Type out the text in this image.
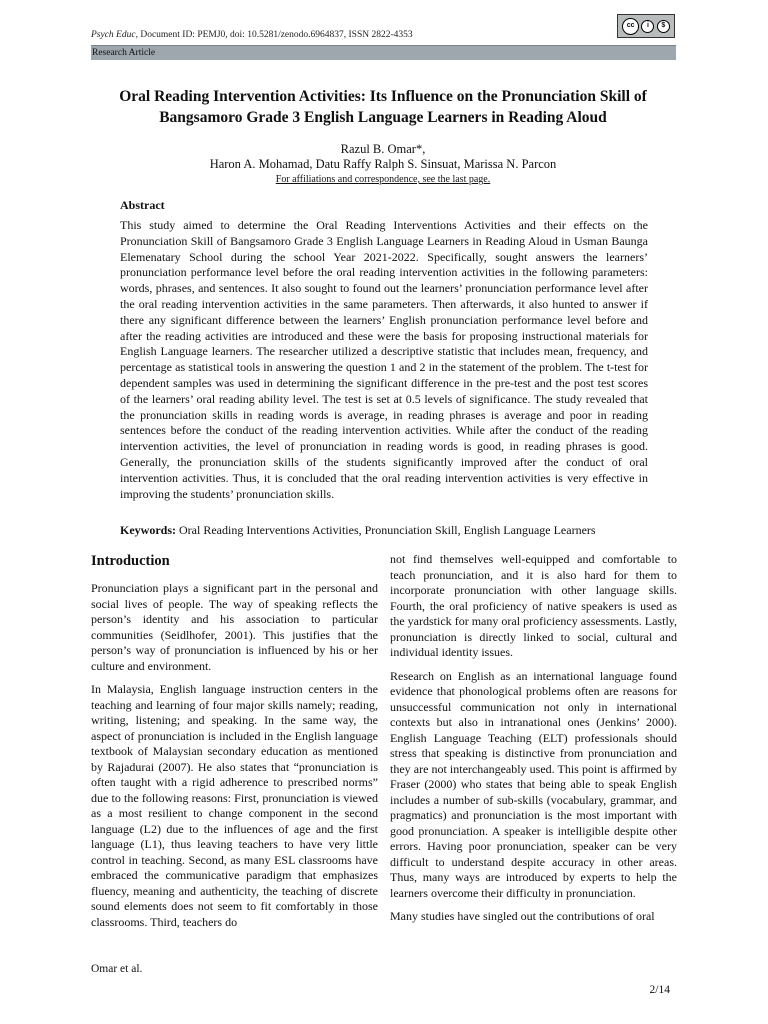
Psych Educ, Document ID: PEMJ0, doi: 10.5281/zenodo.6964837, ISSN 2822-4353
cc	i	$
Research Article
Oral Reading Intervention Activities: Its Influence on the Pronunciation Skill of Bangsamoro Grade 3 English Language Learners in Reading Aloud
Razul B. Omar*,
Haron A. Mohamad, Datu Raffy Ralph S. Sinsuat, Marissa N. Parcon
For affiliations and correspondence, see the last page.
Abstract

This study aimed to determine the Oral Reading Interventions Activities and their effects on the Pronunciation Skill of Bangsamoro Grade 3 English Language Learners in Reading Aloud in Usman Baunga Elemenatary School during the school Year 2021-2022. Specifically, sought answers the learners’ pronunciation performance level before the oral reading intervention activities in the following parameters: words, phrases, and sentences. It also sought to found out the learners’ pronunciation performance level after the oral reading intervention activities in the same parameters. Then afterwards, it also hunted to answer if there any significant difference between the learners’ English pronunciation performance level before and after the reading activities are introduced and these were the basis for proposing instructional materials for English Language learners. The researcher utilized a descriptive statistic that includes mean, frequency, and percentage as statistical tools in answering the question 1 and 2 in the statement of the problem. The t-test for dependent samples was used in determining the significant difference in the pre-test and the post test scores of the learners’ oral reading ability level. The test is set at 0.5 levels of significance. The study revealed that the pronunciation skills in reading words is average, in reading phrases is average and poor in reading sentences before the conduct of the reading intervention activities. While after the conduct of the reading intervention activities, the level of pronunciation in reading words is good, in reading phrases is good. Generally, the pronunciation skills of the students significantly improved after the conduct of oral intervention activities. Thus, it is concluded that the oral reading intervention activities is very effective in improving the students’ pronunciation skills.

Keywords: Oral Reading Interventions Activities, Pronunciation Skill, English Language Learners

Introduction

Pronunciation plays a significant part in the personal and social lives of people. The way of speaking reflects the person’s identity and his association to particular communities (Seidlhofer, 2001). This justifies that the person’s way of pronunciation is influenced by his or her culture and environment.

In Malaysia, English language instruction centers in the teaching and learning of four major skills namely; reading, writing, listening; and speaking. In the same way, the aspect of pronunciation is included in the English language textbook of Malaysian secondary education as mentioned by Rajadurai (2007). He also states that “pronunciation is often taught with a rigid adherence to prescribed norms” due to the following reasons: First, pronunciation is viewed as a most resilient to change component in the second language (L2) due to the influences of age and the first language (L1), thus leaving teachers to have very little control in teaching. Second, as many ESL classrooms have embraced the communicative paradigm that emphasizes fluency, meaning and authenticity, the teaching of discrete sound elements does not seem to fit comfortably in those classrooms. Third, teachers do

not find themselves well-equipped and comfortable to teach pronunciation, and it is also hard for them to incorporate pronunciation with other language skills. Fourth, the oral proficiency of native speakers is used as the yardstick for many oral proficiency assessments. Lastly, pronunciation is directly linked to social, cultural and individual identity issues.

Research on English as an international language found evidence that phonological problems often are reasons for unsuccessful communication not only in international contexts but also in intranational ones (Jenkins’ 2000). English Language Teaching (ELT) professionals should stress that speaking is distinctive from pronunciation and they are not interchangeably used. This point is affirmed by Fraser (2000) who states that being able to speak English includes a number of sub-skills (vocabulary, grammar, and pragmatics) and pronunciation is the most important with good pronunciation. A speaker is intelligible despite other errors. Having poor pronunciation, speaker can be very difficult to understand despite accuracy in other areas. Thus, many ways are introduced by experts to help the learners overcome their difficulty in pronunciation.

Many studies have singled out the contributions of oral

Omar et al.
2/14
